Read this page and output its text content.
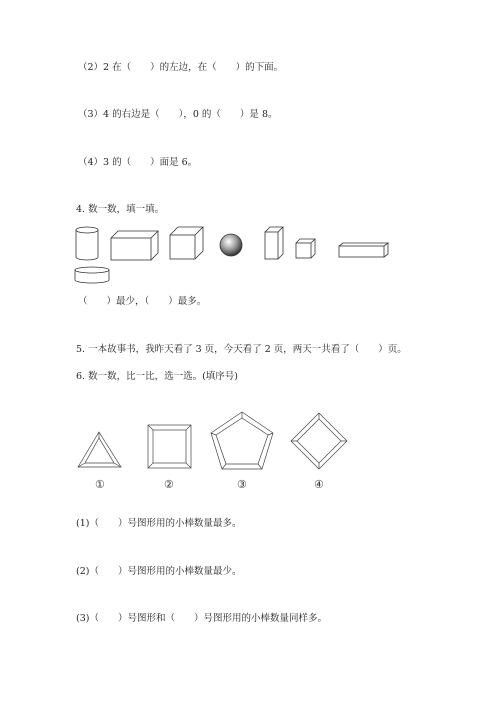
（2）2 在（　　）的左边，在（　　）的下面。
（3）4 的右边是（　　），0 的（　　）是 8。
（4）3 的（　　）面是 6。
4. 数一数，填一填。
（　　）最少，（　　）最多。
5. 一本故事书，我昨天看了 3 页，今天看了 2 页，两天一共看了（　　）页。
6. 数一数，比一比，选一选。(填序号)
①	②	③	④
(1)（　　）号图形用的小棒数量最多。
(2)（　　）号图形用的小棒数量最少。
(3)（　　）号图形和（　　）号图形用的小棒数量同样多。
